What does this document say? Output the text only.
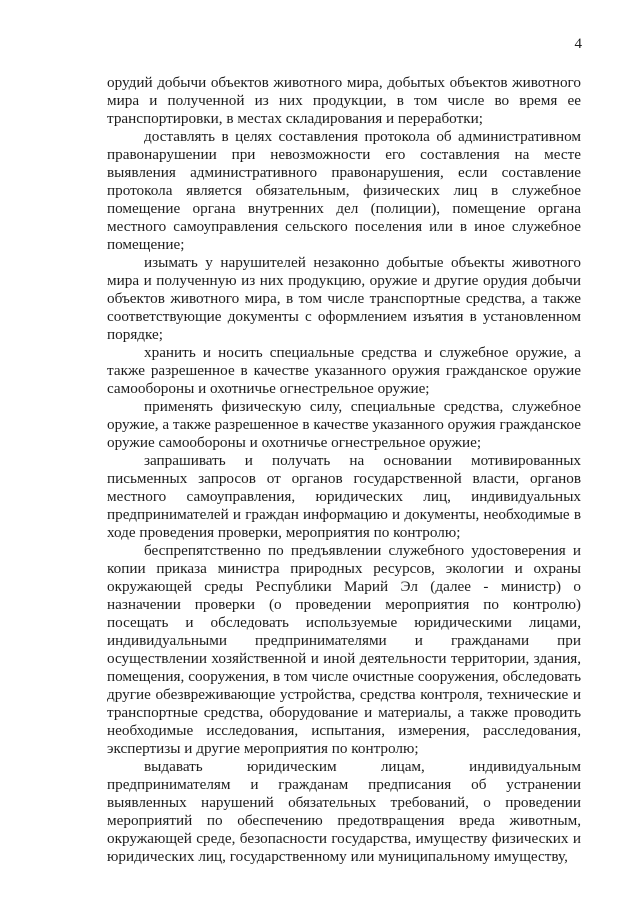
4

орудий добычи объектов животного мира, добытых объектов животного мира и полученной из них продукции, в том числе во время ее транспортировки, в местах складирования и переработки;

доставлять в целях составления протокола об административном правонарушении при невозможности его составления на месте выявления административного правонарушения, если составление протокола является обязательным, физических лиц в служебное помещение органа внутренних дел (полиции), помещение органа местного самоуправления сельского поселения или в иное служебное помещение;

изымать у нарушителей незаконно добытые объекты животного мира и полученную из них продукцию, оружие и другие орудия добычи объектов животного мира, в том числе транспортные средства, а также соответствующие документы с оформлением изъятия в установленном порядке;

хранить и носить специальные средства и служебное оружие, а также разрешенное в качестве указанного оружия гражданское оружие самообороны и охотничье огнестрельное оружие;

применять физическую силу, специальные средства, служебное оружие, а также разрешенное в качестве указанного оружия гражданское оружие самообороны и охотничье огнестрельное оружие;

запрашивать и получать на основании мотивированных письменных запросов от органов государственной власти, органов местного самоуправления, юридических лиц, индивидуальных предпринимателей и граждан информацию и документы, необходимые в ходе проведения проверки, мероприятия по контролю;

беспрепятственно по предъявлении служебного удостоверения и копии приказа министра природных ресурсов, экологии и охраны окружающей среды Республики Марий Эл (далее - министр) о назначении проверки (о проведении мероприятия по контролю) посещать и обследовать используемые юридическими лицами, индивидуальными предпринимателями и гражданами при осуществлении хозяйственной и иной деятельности территории, здания, помещения, сооружения, в том числе очистные сооружения, обследовать другие обезвреживающие устройства, средства контроля, технические и транспортные средства, оборудование и материалы, а также проводить необходимые исследования, испытания, измерения, расследования, экспертизы и другие мероприятия по контролю;

выдавать юридическим лицам, индивидуальным предпринимателям и гражданам предписания об устранении выявленных нарушений обязательных требований, о проведении мероприятий по обеспечению предотвращения вреда животным, окружающей среде, безопасности государства, имуществу физических и юридических лиц, государственному или муниципальному имуществу,
